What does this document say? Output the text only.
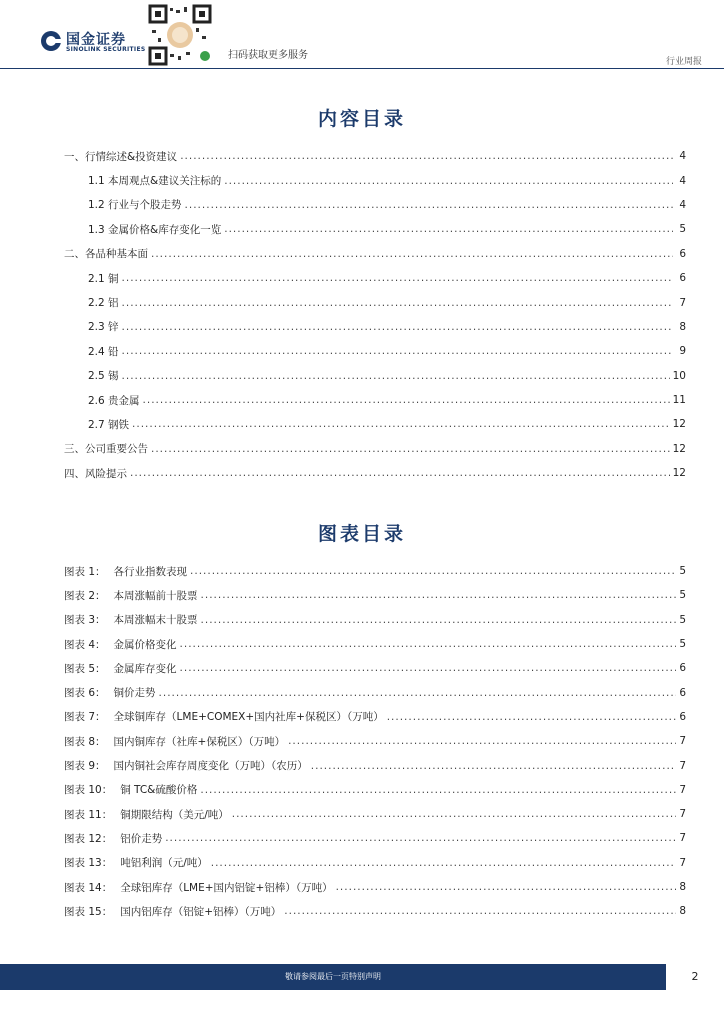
国金证券
SINOLINK SECURITIES
扫码获取更多服务
行业周报
内容目录
一、行情综述&投资建议 .....	4
1.1 本周观点&建议关注标的 .....	4
1.2 行业与个股走势 .....	4
1.3 金属价格&库存变化一览 .....	5
二、各品种基本面 .....	6
2.1 铜 .....	6
2.2 铝 .....	7
2.3 锌 .....	8
2.4 铅 .....	9
2.5 锡 .....	10
2.6 贵金属 .....	11
2.7 钢铁 .....	12
三、公司重要公告 .....	12
四、风险提示 .....	12
图表目录
图表 1： 各行业指数表现 .....	5
图表 2： 本周涨幅前十股票 .....	5
图表 3： 本周涨幅末十股票 .....	5
图表 4： 金属价格变化 .....	5
图表 5： 金属库存变化 .....	6
图表 6： 铜价走势 .....	6
图表 7： 全球铜库存（LME+COMEX+国内社库+保税区）（万吨） .....	6
图表 8： 国内铜库存（社库+保税区）（万吨） .....	7
图表 9： 国内铜社会库存周度变化（万吨）（农历） .....	7
图表 10： 铜 TC&硫酸价格 .....	7
图表 11： 铜期限结构（美元/吨） .....	7
图表 12： 铝价走势 .....	7
图表 13： 吨铝利润（元/吨） .....	7
图表 14： 全球铝库存（LME+国内铝锭+铝棒）（万吨） .....	8
图表 15： 国内铝库存（铝锭+铝棒）（万吨） .....	8
敬请参阅最后一页特别声明	2
